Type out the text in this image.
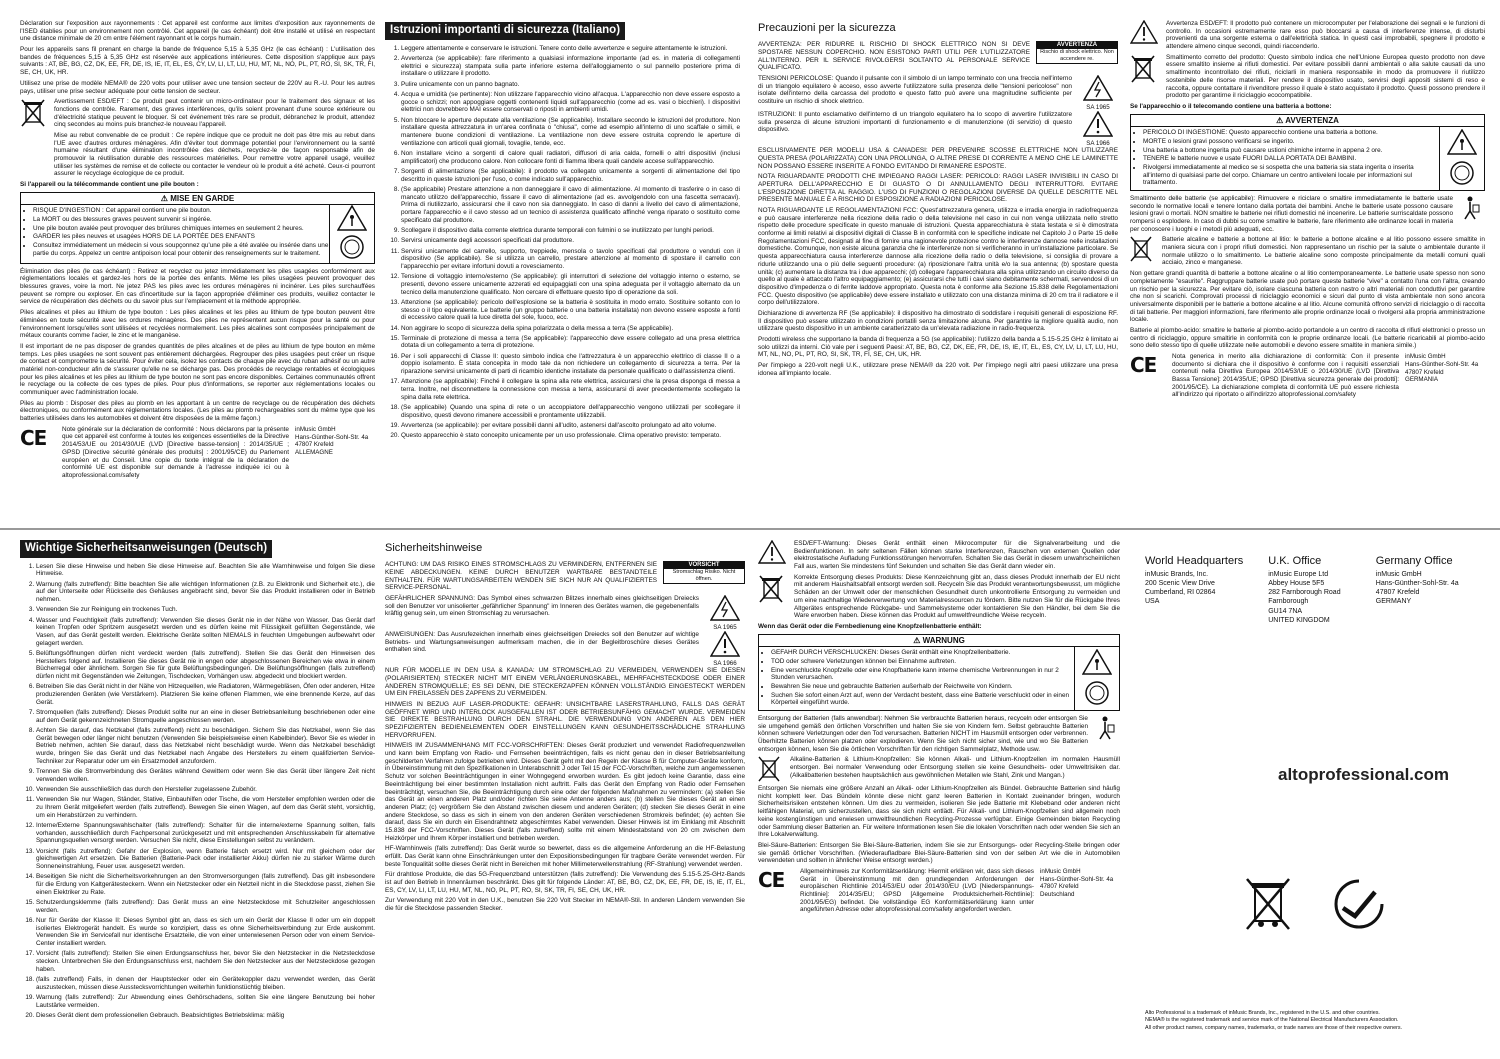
Déclaration sur l'exposition aux rayonnements : Cet appareil est conforme aux limites d'exposition aux rayonnements de l'ISED établies pour un environnement non contrôlé. Cet appareil (le cas échéant) doit être installé et utilisé en respectant une distance minimale de 20 cm entre l'élément rayonnant et le corps humain.

Pour les appareils sans fil prenant en charge la bande de fréquence 5,15 à 5,35 GHz (le cas échéant) : L'utilisation des bandes de fréquences 5,15 à 5,35 GHz est réservée aux applications intérieures. Cette disposition s'applique aux pays suivants : AT, BE, BG, CZ, DK, EE, FR, DE, IS, IE, IT, EL, ES, CY, LV, LI, LT, LU, HU, MT, NL, NO, PL, PT, RO, SI, SK, TR, FI, SE, CH, UK, HR.

Utilisez une prise de modèle NEMA® de 220 volts pour utiliser avec une tension secteur de 220V au R.-U. Pour les autres pays, utiliser une prise secteur adéquate pour cette tension de secteur.

Avertissement ESD/EFT : Ce produit peut contenir un micro-ordinateur pour le traitement des signaux et les fonctions de contrôle. Rarement, des graves interférences, qu'ils soient provenant d'une source extérieure ou d'électricité statique peuvent le bloquer. Si cet événement très rare se produit, débranchez le produit, attendez cinq secondes au moins puis branchez-le nouveau l'appareil.

Mise au rebut convenable de ce produit : Ce repère indique que ce produit ne doit pas être mis au rebut dans l'UE avec d'autres ordures ménagères. Afin d'éviter tout dommage potentiel pour l'environnement ou la santé humaine résultant d'une élimination incontrôlée des déchets, recyclez-le de façon responsable afin de promouvoir la réutilisation durable des ressources matérielles. Pour remettre votre appareil usagé, veuillez utiliser les systèmes de remise et de collecte ou contacter le vendeur où le produit a été acheté. Ceux-ci pourront assurer le recyclage écologique de ce produit.

Si l'appareil ou la télécommande contient une pile bouton :

⚠ MISE EN GARDE
• RISQUE D'INGESTION : Cet appareil contient une pile bouton.
• La MORT ou des blessures graves peuvent survenir si ingérée.
• Une pile bouton avalée peut provoquer des brûlures chimiques internes en seulement 2 heures.
• GARDER les piles neuves et usagées HORS DE LA PORTÉE DES ENFANTS
• Consultez immédiatement un médecin si vous soupçonnez qu'une pile a été avalée ou insérée dans une partie du corps. Appelez un centre antipoison local pour obtenir des renseignements sur le traitement.

Élimination des piles (le cas échéant) : Retirez et recyclez ou jetez immédiatement les piles usagées conformément aux réglementations locales et gardez-les hors de la portée des enfants. Même les piles usagées peuvent provoquer des blessures graves, voire la mort. Ne jetez PAS les piles avec les ordures ménagères ni incinérer. Les piles surchauffées peuvent se rompre ou exploser. En cas d'incertitude sur la façon appropriée d'éliminer ces produits, veuillez contacter le service de récupération des déchets ou du savoir plus sur l'emplacement et la méthode appropriée.

Piles alcalines et piles au lithium de type bouton : Les piles alcalines et les piles au lithium de type bouton peuvent être éliminées en toute sécurité avec les ordures ménagères. Des piles ne représentent aucun risque pour la santé ou pour l'environnement lorsqu'elles sont utilisées et recyclées normalement. Les piles alcalines sont composées principalement de métaux courants comme l'acier, le zinc et le manganèse.

Il est important de ne pas disposer de grandes quantités de piles alcalines et de piles au lithium de type bouton en même temps. Les piles usagées ne sont souvent pas entièrement déchargées. Regrouper des piles usagées peut créer un risque de contact et compromettre la sécurité. Pour éviter cela, isolez les contacts de chaque pile avec du ruban adhésif ou un autre matériel non-conducteur afin de s'assurer qu'elle ne se décharge pas. Des procédés de recyclage rentables et écologiques pour les piles alcalines et les piles au lithium de type bouton ne sont pas encore disponibles. Certaines communautés offrent le recyclage ou la collecte de ces types de piles. Pour plus d'informations, se reporter aux réglementations locales ou communiquer avec l'administration locale.

Piles au plomb : Disposer des piles au plomb en les apportant à un centre de recyclage ou de récupération des déchets électroniques, ou conformément aux réglementations locales. (Les piles au plomb rechargeables sont du même type que les batteries utilisées dans les automobiles et doivent être disposées de la même façon.)

CE	Note générale sur la déclaration de conformité : Nous déclarons par la présente que cet appareil est conforme à toutes les exigences essentielles de la Directive 2014/53/UE ou 2014/30/UE (LVD [Directive basse-tension] : 2014/35/UE ; GPSD [Directive sécurité générale des produits] : 2001/95/CE) du Parlement européen et du Conseil. Une copie du texte intégral de la déclaration de conformité UE est disponible sur demande à l'adresse indiquée ici ou à altoprofessional.com/safety

inMusic GmbH
Hans-Günther-Sohl-Str. 4a
47807 Krefeld
ALLEMAGNE
Istruzioni importanti di sicurezza (Italiano)
1. Leggere attentamente e conservare le istruzioni. Tenere conto delle avvertenze e seguire attentamente le istruzioni.
2. Avvertenza (se applicabile): fare riferimento a qualsiasi informazione importante (ad es. in materia di collegamenti elettrici e sicurezza) stampata sulla parte inferiore esterna dell'alloggiamento o sul pannello posteriore prima di installare o utilizzare il prodotto.
3. Pulire unicamente con un panno bagnato.
4. Acqua e umidità (se pertinente): Non utilizzare l'apparecchio vicino all'acqua. L'apparecchio non deve essere esposto a gocce o schizzi; non appoggiare oggetti contenenti liquidi sull'apparecchio (come ad es. vasi o bicchieri). I dispositivi elettrici non dovrebbero MAI essere conservati o riposti in ambienti umidi.
5. Non bloccare le aperture deputate alla ventilazione (Se applicabile). Installare secondo le istruzioni del produttore. Non installare questa attrezzatura in un'area confinata o "chiusa", come ad esempio all'interno di uno scaffale o simili, e mantenere buone condizioni di ventilazione. La ventilazione non deve essere ostruita coprendo le aperture di ventilazione con articoli quali giornali, tovaglie, tende, ecc.
6. Non installare vicino a sorgenti di calore quali radiatori, diffusori di aria calda, fornelli o altri dispositivi (inclusi amplificatori) che producono calore. Non collocare fonti di fiamma libera quali candele accese sull'apparecchio.
7. Sorgenti di alimentazione (Se applicabile): il prodotto va collegato unicamente a sorgenti di alimentazione del tipo descritto in queste istruzioni per l'uso, o come indicato sull'apparecchio.
8. (Se applicabile) Prestare attenzione a non danneggiare il cavo di alimentazione. Al momento di trasferire o in caso di mancato utilizzo dell'apparecchio, fissare il cavo di alimentazione (ad es. avvolgendolo con una fascetta serracavi). Prima di riutilizzarlo, assicurarsi che il cavo non sia danneggiato. In caso di danni a livello del cavo di alimentazione, portare l'apparecchio e il cavo stesso ad un tecnico di assistenza qualificato affinché venga riparato o sostituito come specificato dal produttore.
9. Scollegare il dispositivo dalla corrente elettrica durante temporali con fulmini o se inutilizzato per lunghi periodi.
10. Servirsi unicamente degli accessori specificati dal produttore.
11. Servirsi unicamente del carrello, supporto, treppiede, mensola o tavolo specificati dal produttore o venduti con il dispositivo (Se applicabile). Se si utilizza un carrello, prestare attenzione al momento di spostare il carrello con l'apparecchio per evitare infortuni dovuti a rovesciamento.
12. Tensione di voltaggio interno/esterno (Se applicabile): gli interruttori di selezione del voltaggio interno o esterno, se presenti, devono essere unicamente azzerati ed equipaggiati con una spina adeguata per il voltaggio alternato da un tecnico della manutenzione qualificato. Non cercare di effettuare questo tipo di operazione da soli.
13. Attenzione (se applicabile): pericolo dell'esplosione se la batteria è sostituita in modo errato. Sostituire soltanto con lo stesso o il tipo equivalente. Le batterie (un gruppo batterie o una batteria installata) non devono essere esposte a fonti di eccessivo calore quali la luce diretta del sole, fuoco, ecc.
14. Non aggirare lo scopo di sicurezza della spina polarizzata o della messa a terra (Se applicabile).
15. Terminale di protezione di messa a terra (Se applicabile): l'apparecchio deve essere collegato ad una presa elettrica dotata di un collegamento a terra di protezione.
16. Per i soli apparecchi di Classe II: questo simbolo indica che l'attrezzatura è un apparecchio elettrico di classe II o a doppio isolamento. È stata concepita in modo tale da non richiedere un collegamento di sicurezza a terra. Per la riparazione servirsi unicamente di parti di ricambio identiche installate da personale qualificato o dall'assistenza clienti.
17. Attenzione (se applicabile): Finché il collegare la spina alla rete elettrica, assicurarsi che la presa disponga di messa a terra. Inoltre, nel disconnettere la connessione con messa a terra, assicurarsi di aver precedentemente scollegato la spina dalla rete elettrica.
18. (Se applicabile) Quando una spina di rete o un accoppiatore dell'apparecchio vengono utilizzati per scollegare il dispositivo, questi devono rimanere accessibili e prontamente utilizzabili.
19. Avvertenza (se applicabile): per evitare possibili danni all'udito, astenersi dall'ascolto prolungato ad alto volume.
20. Questo apparecchio è stato concepito unicamente per un uso professionale. Clima operativo previsto: temperato.
Precauzioni per la sicurezza

AVVERTENZA: PER RIDURRE IL RISCHIO DI SHOCK ELETTRICO NON SI DEVE SPOSTARE NESSUN COPERCHIO. NON ESISTONO PARTI UTILI PER L'UTILIZZATORE ALL'INTERNO. PER IL SERVICE RIVOLGERSI SOLTANTO AL PERSONALE SERVICE QUALIFICATO.

AVVERTENZA
Rischio di shock elettrico. Non accendere re.

TENSIONI PERICOLOSE: Quando il pulsante con il simbolo di un lampo terminato con una freccia nell'interno di un triangolo equilatero è acceso, esso avverte l'utilizzatore sulla presenza delle "tensioni pericolose" non isolate dell'interno della carcassa del prodotto e questo fatto può avere una magnitudine sufficiente per costituire un rischio di shock elettrico.

SA 1965

ISTRUZIONI: Il punto esclamativo dell'interno di un triangolo equilatero ha lo scopo di avvertire l'utilizzatore sulla presenza di alcune istruzioni importanti di funzionamento e di manutenzione (di servizio) di questo dispositivo.

SA 1966

ESCLUSIVAMENTE PER MODELLI USA & CANADESI: PER PREVENIRE SCOSSE ELETTRICHE NON UTILIZZARE QUESTA PRESA (POLARIZZATA) CON UNA PROLUNGA, O ALTRE PRESE DI CORRENTE A MENO CHE LE LAMINETTE NON POSSANO ESSERE INSERITE A FONDO EVITANDO DI RIMANERE ESPOSTE.

NOTA RIGUARDANTE PRODOTTI CHE IMPIEGANO RAGGI LASER: PERICOLO: RAGGI LASER INVISIBILI IN CASO DI APERTURA DELL'APPARECCHIO E DI GUASTO O DI ANNULLAMENTO DEGLI INTERRUTTORI. EVITARE L'ESPOSIZIONE DIRETTA AL RAGGIO. L'USO DI FUNZIONI O REGOLAZIONI DIVERSE DA QUELLE DESCRITTE NEL PRESENTE MANUALE È A RISCHIO DI ESPOSIZIONE A RADIAZIONI PERICOLOSE.

NOTA RIGUARDANTE LE REGOLAMENTAZIONI FCC: Quest'attrezzatura genera, utilizza e irradia energia in radiofrequenza e può causare interferenze nella ricezione della radio o della televisione nel caso in cui non venga utilizzata nello stretto rispetto delle procedure specificate in questo manuale di istruzioni. Questa apparecchiatura è stata testata e si è dimostrata conforme ai limiti relativi ai dispositivi digitali di Classe B in conformità con le specifiche indicate nel Capitolo J o Parte 15 delle Regolamentazioni FCC, designati al fine di fornire una ragionevole protezione contro le interferenze dannose nelle installazioni domestiche. Comunque, non esiste alcuna garanzia che le interferenze non si verificheranno in un'installazione particolare. Se questa apparecchiatura causa interferenze dannose alla ricezione della radio o della televisione, si consiglia di provare a ridurle utilizzando una o più delle seguenti procedure: (a) riposizionare l'altra unità e/o la sua antenna; (b) spostare questa unità; (c) aumentare la distanza tra i due apparecchi; (d) collegare l'apparecchiatura alla spina utilizzando un circuito diverso da quello al quale è attaccato l'altro equipaggiamento; (e) assicurarsi che tutti i cavi siano debitamente schermati, servendosi di un dispositivo d'impedenza o di ferrite laddove appropriato. Questa nota è conforme alla Sezione 15.838 delle Regolamentazioni FCC. Questo dispositivo (se applicabile) deve essere installato e utilizzato con una distanza minima di 20 cm tra il radiatore e il corpo dell'utilizzatore.

Dichiarazione di avvertenza RF (Se applicabile): il dispositivo ha dimostrato di soddisfare i requisiti generali di esposizione RF. Il dispositivo può essere utilizzato in condizioni portatili senza limitazione alcuna. Per garantire la migliore qualità audio, non utilizzare questo dispositivo in un ambiente caratterizzato da un'elevata radiazione in radio-frequenza.

Prodotti wireless che supportano la banda di frequenza a 5G (se applicabile): l'utilizzo della banda a 5.15-5.25 GHz è limitato ai solo utilizzi da interni. Ciò vale per i seguenti Paesi: AT, BE, BG, CZ, DK, EE, FR, DE, IS, IE, IT, EL, ES, CY, LV, LI, LT, LU, HU, MT, NL, NO, PL, PT, RO, SI, SK, TR, FI, SE, CH, UK, HR.

Per l'impiego a 220-volt negli U.K., utilizzare prese NEMA® da 220 volt. Per l'impiego negli altri paesi utilizzare una presa idonea all'impianto locale.

Avvertenza ESD/EFT: Il prodotto può contenere un microcomputer per l'elaborazione dei segnali e le funzioni di controllo. In occasioni estremamente rare esso può bloccarsi a causa di interferenze intense, di disturbi provenienti da una sorgente esterna o dall'elettricità statica. In questi casi improbabili, spegnere il prodotto e attendere almeno cinque secondi, quindi riaccenderlo.

Smaltimento corretto del prodotto: Questo simbolo indica che nell'Unione Europea questo prodotto non deve essere smaltito insieme ai rifiuti domestici. Per evitare possibili danni ambientali o alla salute causati da uno smaltimento incontrollato dei rifiuti, riciclarli in maniera responsabile in modo da promuovere il riutilizzo sostenibile delle risorse materiali. Per rendere il dispositivo usato, servirsi degli appositi sistemi di reso e raccolta, oppure contattare il rivenditore presso il quale è stato acquistato il prodotto. Questi possono prendere il prodotto per garantirne il riciclaggio ecocompatibile.

Se l'apparecchio o il telecomando contiene una batteria a bottone:

⚠ AVVERTENZA
• PERICOLO DI INGESTIONE: Questo apparecchio contiene una batteria a bottone.
• MORTE o lesioni gravi possono verificarsi se ingerito.
• Una batteria a bottone ingerita può causare ustioni chimiche interne in appena 2 ore.
• TENERE le batterie nuove e usate FUORI DALLA PORTATA DEI BAMBINI.
• Rivolgersi immediatamente al medico se si sospetta che una batteria sia stata ingerita o inserita all'interno di qualsiasi parte del corpo. Chiamare un centro antiveleni locale per informazioni sul trattamento.

Smaltimento delle batterie (se applicabile): Rimuovere e riciclare o smaltire immediatamente le batterie usate secondo le normative locali e tenere lontano dalla portata dei bambini. Anche le batterie usate possono causare lesioni gravi o mortali. NON smaltire le batterie nei rifiuti domestici né incenerire. Le batterie surriscaldate possono rompersi o esplodere. In caso di dubbi su come smaltire le batterie, fare riferimento alle ordinanze locali in materia per conoscere i luoghi e i metodi più adeguati, ecc.

Batterie alcaline e batterie a bottone al litio: le batterie a bottone alcaline e al litio possono essere smaltite in maniera sicura con i propri rifiuti domestici. Non rappresentano un rischio per la salute o ambientale durante il normale utilizzo o lo smaltimento. Le batterie alcaline sono composte principalmente da metalli comuni quali acciaio, zinco e manganese.

Non gettare grandi quantità di batterie a bottone alcaline o al litio contemporaneamente. Le batterie usate spesso non sono completamente "esaurite". Raggruppare batterie usate può portare queste batterie "vive" a contatto l'una con l'altra, creando un rischio per la sicurezza. Per evitare ciò, isolare ciascuna batteria con nastro o altri materiali non conduttivi per garantire che non si scarichi. Comprovati processi di riciclaggio economici e sicuri dal punto di vista ambientale non sono ancora universalmente disponibili per le batterie a bottone alcaline e al litio. Alcune comunità offrono servizi di riciclaggio o di raccolta di tali batterie. Per maggiori informazioni, fare riferimento alle proprie ordinanze locali o rivolgersi alla propria amministrazione locale.

Batterie al piombo-acido: smaltire le batterie al piombo-acido portandole a un centro di raccolta di rifiuti elettronici o presso un centro di riciclaggio, oppure smaltirle in conformità con le proprie ordinanze locali. (Le batterie ricaricabili al piombo-acido sono dello stesso tipo di quelle utilizzate nelle automobili e devono essere smaltite in maniera simile.)

CE	Nota generica in merito alla dichiarazione di conformità: Con il presente documento si dichiara che il dispositivo è conforme con i requisiti essenziali contenuti nella Direttiva Europea 2014/53/UE o 2014/30/UE (LVD [Direttiva Bassa Tensione]: 2014/35/UE; GPSD [Direttiva sicurezza generale dei prodotti]: 2001/95/CE). La dichiarazione completa di conformità UE può essere richiesta all'indirizzo qui riportato o all'indirizzo altoprofessional.com/safety

inMusic GmbH
Hans-Günther-Sohl-Str. 4a
47807 Krefeld
GERMANIA
Wichtige Sicherheitsanweisungen (Deutsch)
1. Lesen Sie diese Hinweise und heben Sie diese Hinweise auf. Beachten Sie alle Warnhinweise und folgen Sie diese Hinweise.
2. Warnung (falls zutreffend): Bitte beachten Sie alle wichtigen Informationen (z.B. zu Elektronik und Sicherheit etc.), die auf der Unterseite oder Rückseite des Gehäuses angebracht sind, bevor Sie das Produkt installieren oder in Betrieb nehmen.
3. Verwenden Sie zur Reinigung ein trockenes Tuch.
4. Wasser und Feuchtigkeit (falls zutreffend): Verwenden Sie dieses Gerät nie in der Nähe von Wasser. Das Gerät darf keinen Tropfen oder Spritzern ausgesetzt werden und es dürfen keine mit Flüssigkeit gefüllten Gegenstände, wie Vasen, auf das Gerät gestellt werden. Elektrische Geräte sollten NIEMALS in feuchten Umgebungen aufbewahrt oder gelagert werden.
5. Belüftungsöffnungen dürfen nicht verdeckt werden (falls zutreffend). Stellen Sie das Gerät den Hinweisen des Herstellers folgend auf. Installieren Sie dieses Gerät nie in engen oder abgeschlossenen Bereichen wie etwa in einem Bücherregal oder ähnlichem. Sorgen Sie für gute Belüftungsbedingungen. Die Belüftungsöffnungen (falls zutreffend) dürfen nicht mit Gegenständen wie Zeitungen, Tischdecken, Vorhängen usw. abgedeckt und blockiert werden.
6. Betreiben Sie das Gerät nicht in der Nähe von Hitzequellen, wie Radiatoren, Wärmegebläsen, Öfen oder anderen, Hitze produzierenden Geräten (wie Verstärkern). Platzieren Sie keine offenen Flammen, wie eine brennende Kerze, auf das Gerät.
7. Stromquellen (falls zutreffend): Dieses Produkt sollte nur an eine in dieser Betriebsanleitung beschriebenen oder eine auf dem Gerät gekennzeichneten Stromquelle angeschlossen werden.
8. Achten Sie darauf, das Netzkabel (falls zutreffend) nicht zu beschädigen. Sichern Sie das Netzkabel, wenn Sie das Gerät bewegen oder länger nicht benutzen (Verwenden Sie beispielsweise einen Kabelbinder). Bevor Sie es wieder in Betrieb nehmen, achten Sie darauf, dass das Netzkabel nicht beschädigt wurde. Wenn das Netzkabel beschädigt wurde, bringen Sie das Gerät und das Netzkabel nach Angabe des Herstellers zu einem qualifizierten Service-Techniker zur Reparatur oder um ein Ersatzmodell anzufordern.
9. Trennen Sie die Stromverbindung des Gerätes während Gewittern oder wenn Sie das Gerät über längere Zeit nicht verwenden wollen.
10. Verwenden Sie ausschließlich das durch den Hersteller zugelassene Zubehör.
11. Verwenden Sie nur Wagen, Ständer, Stative, Einbauhilfen oder Tische, die vom Hersteller empfohlen werden oder die zu Ihrem Gerät mitgeliefert werden (falls zutreffend). Bewegen Sie einen Wagen, auf dem das Gerät steht, vorsichtig, um ein Herabstürzen zu verhindern.
12. Interne/Externe Spannungswahlschalter (falls zutreffend): Schalter für die interne/externe Spannung sollten, falls vorhanden, ausschließlich durch Fachpersonal zurückgesetzt und mit entsprechenden Anschlusskabeln für alternative Spannungsquellen versorgt werden. Versuchen Sie nicht, diese Einstellungen selbst zu verändern.
13. Vorsicht (falls zutreffend): Gefahr der Explosion, wenn Batterie falsch ersetzt wird. Nur mit gleichem oder der gleichwertigen Art ersetzen. Die Batterien (Batterie-Pack oder installierter Akku) dürfen nie zu starker Wärme durch Sonneneinstrahlung, Feuer usw. ausgesetzt werden.
14. Beseitigen Sie nicht die Sicherheitsvorkehrungen an den Stromversorgungen (falls zutreffend). Das gilt insbesondere für die Erdung von Kaltgerätesteckern. Wenn ein Netzstecker oder ein Netzteil nicht in die Steckdose passt, ziehen Sie einen Elektriker zu Rate.
15. Schutzerdungsklemme (falls zutreffend): Das Gerät muss an eine Netzsteckdose mit Schutzleiter angeschlossen werden.
16. Nur für Geräte der Klasse II: Dieses Symbol gibt an, dass es sich um ein Gerät der Klasse II oder um ein doppelt isoliertes Elektrogerät handelt. Es wurde so konzipiert, dass es ohne Sicherheitsverbindung zur Erde auskommt. Verwenden Sie im Servicefall nur identische Ersatzteile, die von einer unterwiesenen Person oder von einem Service-Center installiert werden.
17. Vorsicht (falls zutreffend): Stellen Sie einen Erdungsanschluss her, bevor Sie den Netzstecker in die Netzsteckdose stecken. Unterbrechen Sie den Erdungsanschluss erst, nachdem Sie den Netzstecker aus der Netzsteckdose gezogen haben.
18. (falls zutreffend) Falls, in denen der Hauptstecker oder ein Gerätekoppler dazu verwendet werden, das Gerät auszustecken, müssen diese Ausstecksvorrichtungen weiterhin funktionstüchtig bleiben.
19. Warnung (falls zutreffend): Zur Abwendung eines Gehörschadens, sollten Sie eine längere Benutzung bei hoher Lautstärke vermeiden.
20. Dieses Gerät dient dem professionellen Gebrauch. Beabsichtigtes Betriebsklima: mäßig
Sicherheitshinweise

ACHTUNG: UM DAS RISIKO EINES STROMSCHLAGS ZU VERMINDERN, ENTFERNEN SIE KEINE ABDECKUNGEN. KEINE DURCH BENUTZER WARTBARE BESTANDTEILE ENTHALTEN. FÜR WARTUNGSARBEITEN WENDEN SIE SICH NUR AN QUALIFIZIERTES SERVICE-PERSONAL.

VORSICHT
Stromschlag Risiko. Nicht öffnen.

GEFÄHRLICHER SPANNUNG: Das Symbol eines schwarzen Blitzes innerhalb eines gleichseitigen Dreiecks soll den Benutzer vor unisolierter „gefährlicher Spannung" im Inneren des Gerätes warnen, die gegebenenfalls kräftig genug sein, um einen Stromschlag zu verursachen.

SA 1965

ANWEISUNGEN: Das Ausrufezeichen innerhalb eines gleichseitigen Dreiecks soll den Benutzer auf wichtige Betriebs- und Wartungsanweisungen aufmerksam machen, die in der Begleitbroschüre dieses Gerätes enthalten sind.

SA 1966

NUR FÜR MODELLE IN DEN USA & KANADA: UM STROMSCHLAG ZU VERMEIDEN, VERWENDEN SIE DIESEN (POLARISIERTEN) STECKER NICHT MIT EINEM VERLÄNGERUNGSKABEL, MEHRFACHSTECKDOSE ODER EINER ANDEREN STROMQUELLE; ES SEI DENN, DIE STECKERZAPFEN KÖNNEN VOLLSTÄNDIG EINGESTECKT WERDEN UM EIN FREILASSEN DES ZAPFENS ZU VERMEIDEN.

HINWEIS IN BEZUG AUF LASER-PRODUKTE: GEFAHR: UNSICHTBARE LASERSTRAHLUNG, FALLS DAS GERÄT GEÖFFNET WIRD UND INTERLOCK AUSGEFALLEN IST ODER BETRIEBSUNFÄHIG GEMACHT WURDE. VERMEIDEN SIE DIREKTE BESTRAHLUNG DURCH DEN STRAHL. DIE VERWENDUNG VON ANDEREN ALS DEN HIER SPEZIFIZIERTEN BEDIENELEMENTEN ODER EINSTELLUNGEN KANN GESUNDHEITSSCHÄDLICHE STRAHLUNG HERVORRUFEN.

HINWEIS IM ZUSAMMENHANG MIT FCC-VORSCHRIFTEN: Dieses Gerät produziert und verwendet Radiofrequenzwellen und kann beim Empfang von Radio- und Fernsehen beeinträchtigen, falls es nicht genau den in dieser Betriebsanleitung geschilderten Verfahren zufolge betrieben wird. Dieses Gerät geht mit den Regeln der Klasse B für Computer-Geräte konform, in Übereinstimmung mit den Spezifikationen in Unterabschnitt J oder Teil 15 der FCC-Vorschriften, welche zum angemessenen Schutz vor solchen Beeinträchtigungen in einer Wohngegend erworben wurden. Es gibt jedoch keine Garantie, dass eine Beeinträchtigung bei einer bestimmten Installation nicht auftritt. Falls das Gerät den Empfang von Radio oder Fernsehen beeinträchtigt, versuchen Sie, die Beeinträchtigung durch eine oder der folgenden Maßnahmen zu vermindern: (a) stellen Sie das Gerät an einen anderen Platz und/oder richten Sie seine Antenne anders aus; (b) stellen Sie dieses Gerät an einen anderen Platz; (c) vergrößern Sie den Abstand zwischen diesem und anderen Geräten; (d) stecken Sie dieses Gerät in eine andere Steckdose, so dass es sich in einem von den anderen Geräten verschiedenen Stromkreis befindet; (e) achten Sie darauf, dass Sie ein durch ein Eisendrahtnetz abgeschirmtes Kabel verwenden. Dieser Hinweis ist im Einklang mit Abschnitt 15.838 der FCC-Vorschriften. Dieses Gerät (falls zutreffend) sollte mit einem Mindestabstand von 20 cm zwischen dem Heizkörper und Ihrem Körper installiert und betrieben werden.

HF-Warnhinweis (falls zutreffend): Das Gerät wurde so bewertet, dass es die allgemeine Anforderung an die HF-Belastung erfüllt. Das Gerät kann ohne Einschränkungen unter den Expositionsbedingungen für tragbare Geräte verwendet werden. Für beste Tonqualität sollte dieses Gerät nicht in Bereichen mit hoher Millimeterwellenstrahlung (RF-Strahlung) verwendet werden.

Für drahtlose Produkte, die das 5G-Frequenzband unterstützen (falls zutreffend): Die Verwendung des 5.15-5.25-GHz-Bands ist auf den Betrieb in Innenräumen beschränkt. Dies gilt für folgende Länder: AT, BE, BG, CZ, DK, EE, FR, DE, IS, IE, IT, EL, ES, CY, LV, LI, LT, LU, HU, MT, NL, NO, PL, PT, RO, SI, SK, TR, FI, SE, CH, UK, HR.

Zur Verwendung mit 220 Volt in den U.K., benutzen Sie 220 Volt Stecker im NEMA®-Stil. In anderen Ländern verwenden Sie die für die Steckdose passenden Stecker.

ESD/EFT-Warnung: Dieses Gerät enthält einen Mikrocomputer für die Signalverarbeitung und die Bedienfunktionen. In sehr seltenen Fällen können starke Interferenzen, Rauschen von externen Quellen oder elektrostatische Aufladung Funktionsstörungen hervorrufen. Schalten Sie das Gerät in diesem unwahrscheinlichen Fall aus, warten Sie mindestens fünf Sekunden und schalten Sie das Gerät dann wieder ein.

Korrekte Entsorgung dieses Produkts: Diese Kennzeichnung gibt an, dass dieses Produkt innerhalb der EU nicht mit anderem Haushaltsabfall entsorgt werden soll. Recyceln Sie das Produkt verantwortungsbewusst, um mögliche Schäden an der Umwelt oder der menschlichen Gesundheit durch unkontrollierte Entsorgung zu vermeiden und um eine nachhaltige Wiederverwertung von Materialressourcen zu fördern. Bitte nutzen Sie für die Rückgabe Ihres Altgerätes entsprechende Rückgabe- und Sammelsysteme oder kontaktieren Sie den Händler, bei dem Sie die Ware erworben haben. Diese können das Produkt auf umweltfreundliche Weise recyceln.

Wenn das Gerät oder die Fernbedienung eine Knopfzellenbatterie enthält:

⚠ WARNUNG
• GEFAHR DURCH VERSCHLUCKEN: Dieses Gerät enthält eine Knopfzellenbatterie.
• TOD oder schwere Verletzungen können bei Einnahme auftreten.
• Eine verschluckte Knopfzelle oder eine Knopfbatterie kann interne chemische Verbrennungen in nur 2 Stunden verursachen.
• Bewahren Sie neue und gebrauchte Batterien außerhalb der Reichweite von Kindern.
• Suchen Sie sofort einen Arzt auf, wenn der Verdacht besteht, dass eine Batterie verschluckt oder in einen Körperteil eingeführt wurde.

Entsorgung der Batterien (falls anwendbar): Nehmen Sie verbrauchte Batterien heraus, recyceln oder entsorgen Sie sie umgehend gemäß den örtlichen Vorschriften und halten Sie sie von Kindern fern. Selbst gebrauchte Batterien können schwere Verletzungen oder den Tod verursachen. Batterien NICHT im Hausmüll entsorgen oder verbrennen. Überhitzte Batterien können platzen oder explodieren. Wenn Sie sich nicht sicher sind, wie und wo Sie Batterien entsorgen können, lesen Sie die örtlichen Vorschriften für den richtigen Sammelplatz, Methode usw.

Alkaline-Batterien & Lithium-Knopfzellen: Sie können Alkali- und Lithium-Knopfzellen im normalen Hausmüll entsorgen. Bei normaler Verwendung oder Entsorgung stellen sie keine Gesundheits- oder Umweltrisiken dar. (Alkalibatterien bestehen hauptsächlich aus gewöhnlichen Metallen wie Stahl, Zink und Mangan.)

Entsorgen Sie niemals eine größere Anzahl an Alkali- oder Lithium-Knopfzellen als Bündel. Gebrauchte Batterien sind häufig nicht komplett leer. Das Bündeln könnte diese nicht ganz leeren Batterien in Kontakt zueinander bringen, wodurch Sicherheitsrisiken entstehen können. Um dies zu vermeiden, isolieren Sie jede Batterie mit Klebeband oder anderen nicht leitfähigen Material, um sicherzustellen, dass sie sich nicht entlädt. Für Alkali- und Lithium-Knopfzellen sind allgemein noch keine kostengünstigen und erwiesen umweltfreundlichen Recycling-Prozesse verfügbar. Einige Gemeinden bieten Recycling oder Sammlung dieser Batterien an. Für weitere Informationen lesen Sie die lokalen Vorschriften nach oder wenden Sie sich an Ihre Lokalverwaltung.

Blei-Säure-Batterien: Entsorgen Sie Blei-Säure-Batterien, indem Sie sie zur Entsorgungs- oder Recycling-Stelle bringen oder sie gemäß örtlicher Vorschriften. (Wiederaufladbare Blei-Säure-Batterien sind von der selben Art wie die in Automobilen verwendeten und sollten in ähnlicher Weise entsorgt werden.)

CE	Allgemeinhinweis zur Konformitätserklärung: Hiermit erklären wir, dass sich dieses Gerät in Übereinstimmung mit den grundlegenden Anforderungen der europäischen Richtlinie 2014/53/EU oder 2014/30/EU (LVD [Niederspannungs-Richtlinie]: 2014/35/EU; GPSD [Allgemeine Produktsicherheit-Richtlinie]: 2001/95/EG) befindet. Die vollständige EG Konformitätserklärung kann unter angeführten Adresse oder altoprofessional.com/safety angefordert werden.

inMusic GmbH
Hans-Günther-Sohl-Str. 4a
47807 Krefeld
Deutschland
World Headquarters
inMusic Brands, Inc.
200 Scenic View Drive
Cumberland, RI 02864
USA
U.K. Office
inMusic Europe Ltd
Abbey House 5F5
282 Farnborough Road
Farnborough
GU14 7NA
UNITED KINGDOM
Germany Office
inMusic GmbH
Hans-Günther-Sohl-Str. 4a
47807 Krefeld
GERMANY
altoprofessional.com
Alto Professional is a trademark of inMusic Brands, Inc., registered in the U.S. and other countries.
NEMA® is the registered trademark and service mark of the National Electrical Manufacturers Association.
All other product names, company names, trademarks, or trade names are those of their respective owners.
